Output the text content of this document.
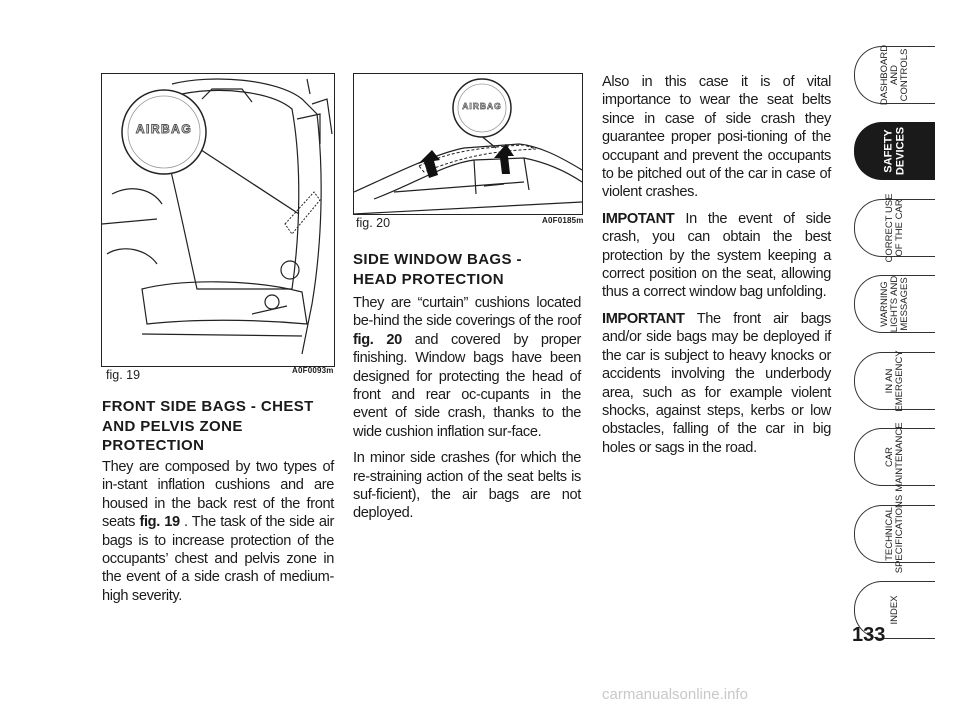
AIRBAG
fig. 19	A0F0093m
AIRBAG
fig. 20	A0F0185m
FRONT SIDE BAGS - CHEST AND PELVIS ZONE PROTECTION

They are composed by two types of in-stant inflation cushions and are housed in the back rest of the front seats fig. 19 . The task of the side air bags is to increase protection of the occupants’ chest and pelvis zone in the event of a side crash of medium-high severity.

SIDE WINDOW BAGS - HEAD PROTECTION

They are “curtain” cushions located be-hind the side coverings of the roof fig. 20 and covered by proper finishing. Window bags have been designed for protecting the head of front and rear oc-cupants in the event of side crash, thanks to the wide cushion inflation sur-face.

In minor side crashes (for which the re-straining action of the seat belts is suf-ficient), the air bags are not deployed.

Also in this case it is of vital importance to wear the seat belts since in case of side crash they guarantee proper posi-tioning of the occupant and prevent the occupants to be pitched out of the car in case of violent crashes.

IMPOTANT In the event of side crash, you can obtain the best protection by the system keeping a correct position on the seat, allowing thus a correct window bag unfolding.

IMPORTANT The front air bags and/or side bags may be deployed if the car is subject to heavy knocks or accidents involving the underbody area, such as for example violent shocks, against steps, kerbs or low obstacles, falling of the car in big holes or sags in the road.

DASHBOARD
AND
CONTROLS
SAFETY
DEVICES
CORRECT USE
OF THE CAR
WARNING
LIGHTS AND
MESSAGES
IN AN
EMERGENCY
CAR
MAINTENANCE
TECHNICAL
SPECIFICATIONS
INDEX
133
carmanualsonline.info
